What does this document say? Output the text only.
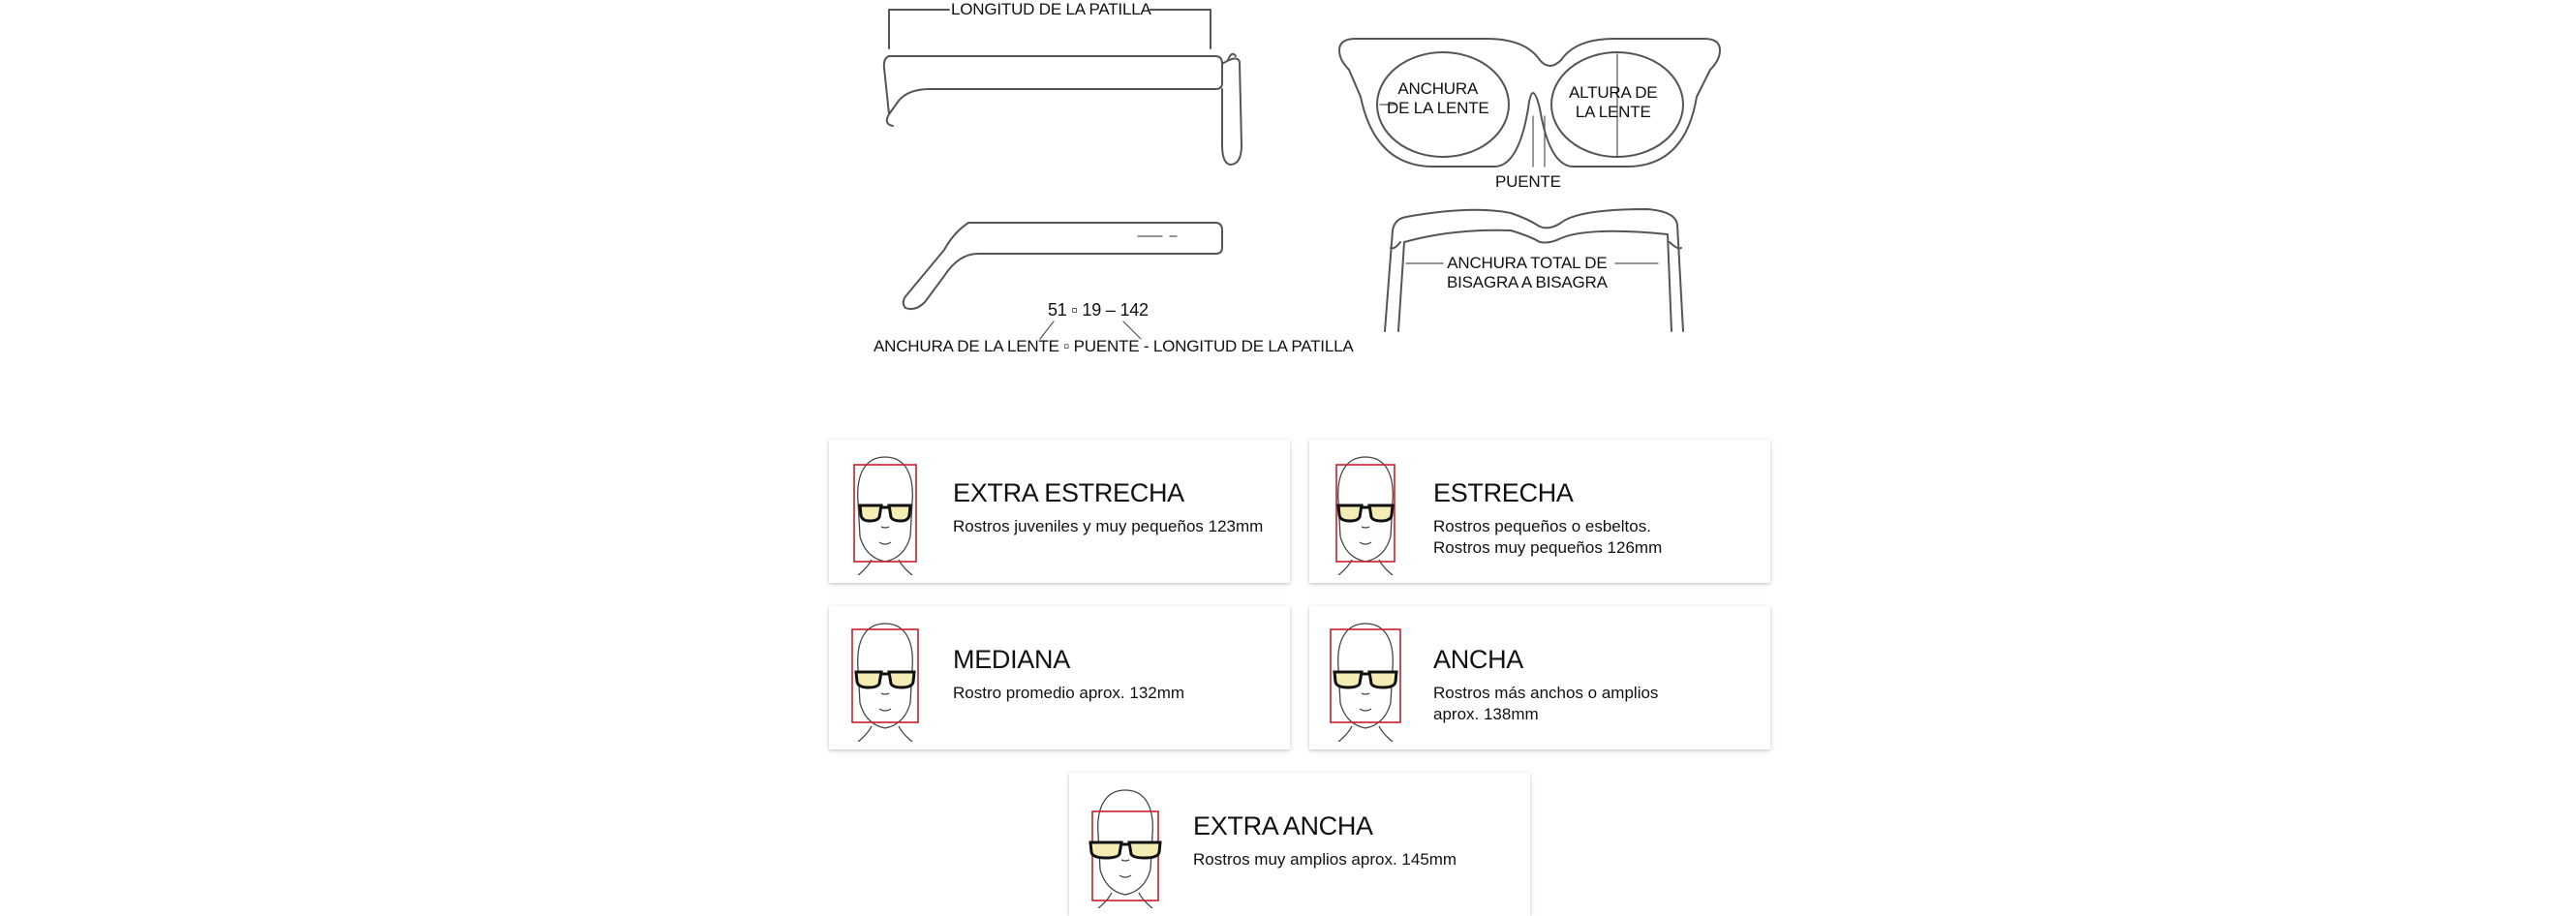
LONGITUD DE LA PATILLA
ANCHURA
DE LA LENTE
ALTURA DE
LA LENTE
PUENTE
ANCHURA TOTAL DE
BISAGRA A BISAGRA
51 ▫ 19 – 142
ANCHURA DE LA LENTE ▫ PUENTE - LONGITUD DE LA PATILLA
EXTRA ESTRECHA
Rostros juveniles y muy pequeños 123mm
ESTRECHA
Rostros pequeños o esbeltos.
Rostros muy pequeños 126mm
MEDIANA
Rostro promedio aprox. 132mm
ANCHA
Rostros más anchos o amplios
aprox. 138mm
EXTRA ANCHA
Rostros muy amplios aprox. 145mm
